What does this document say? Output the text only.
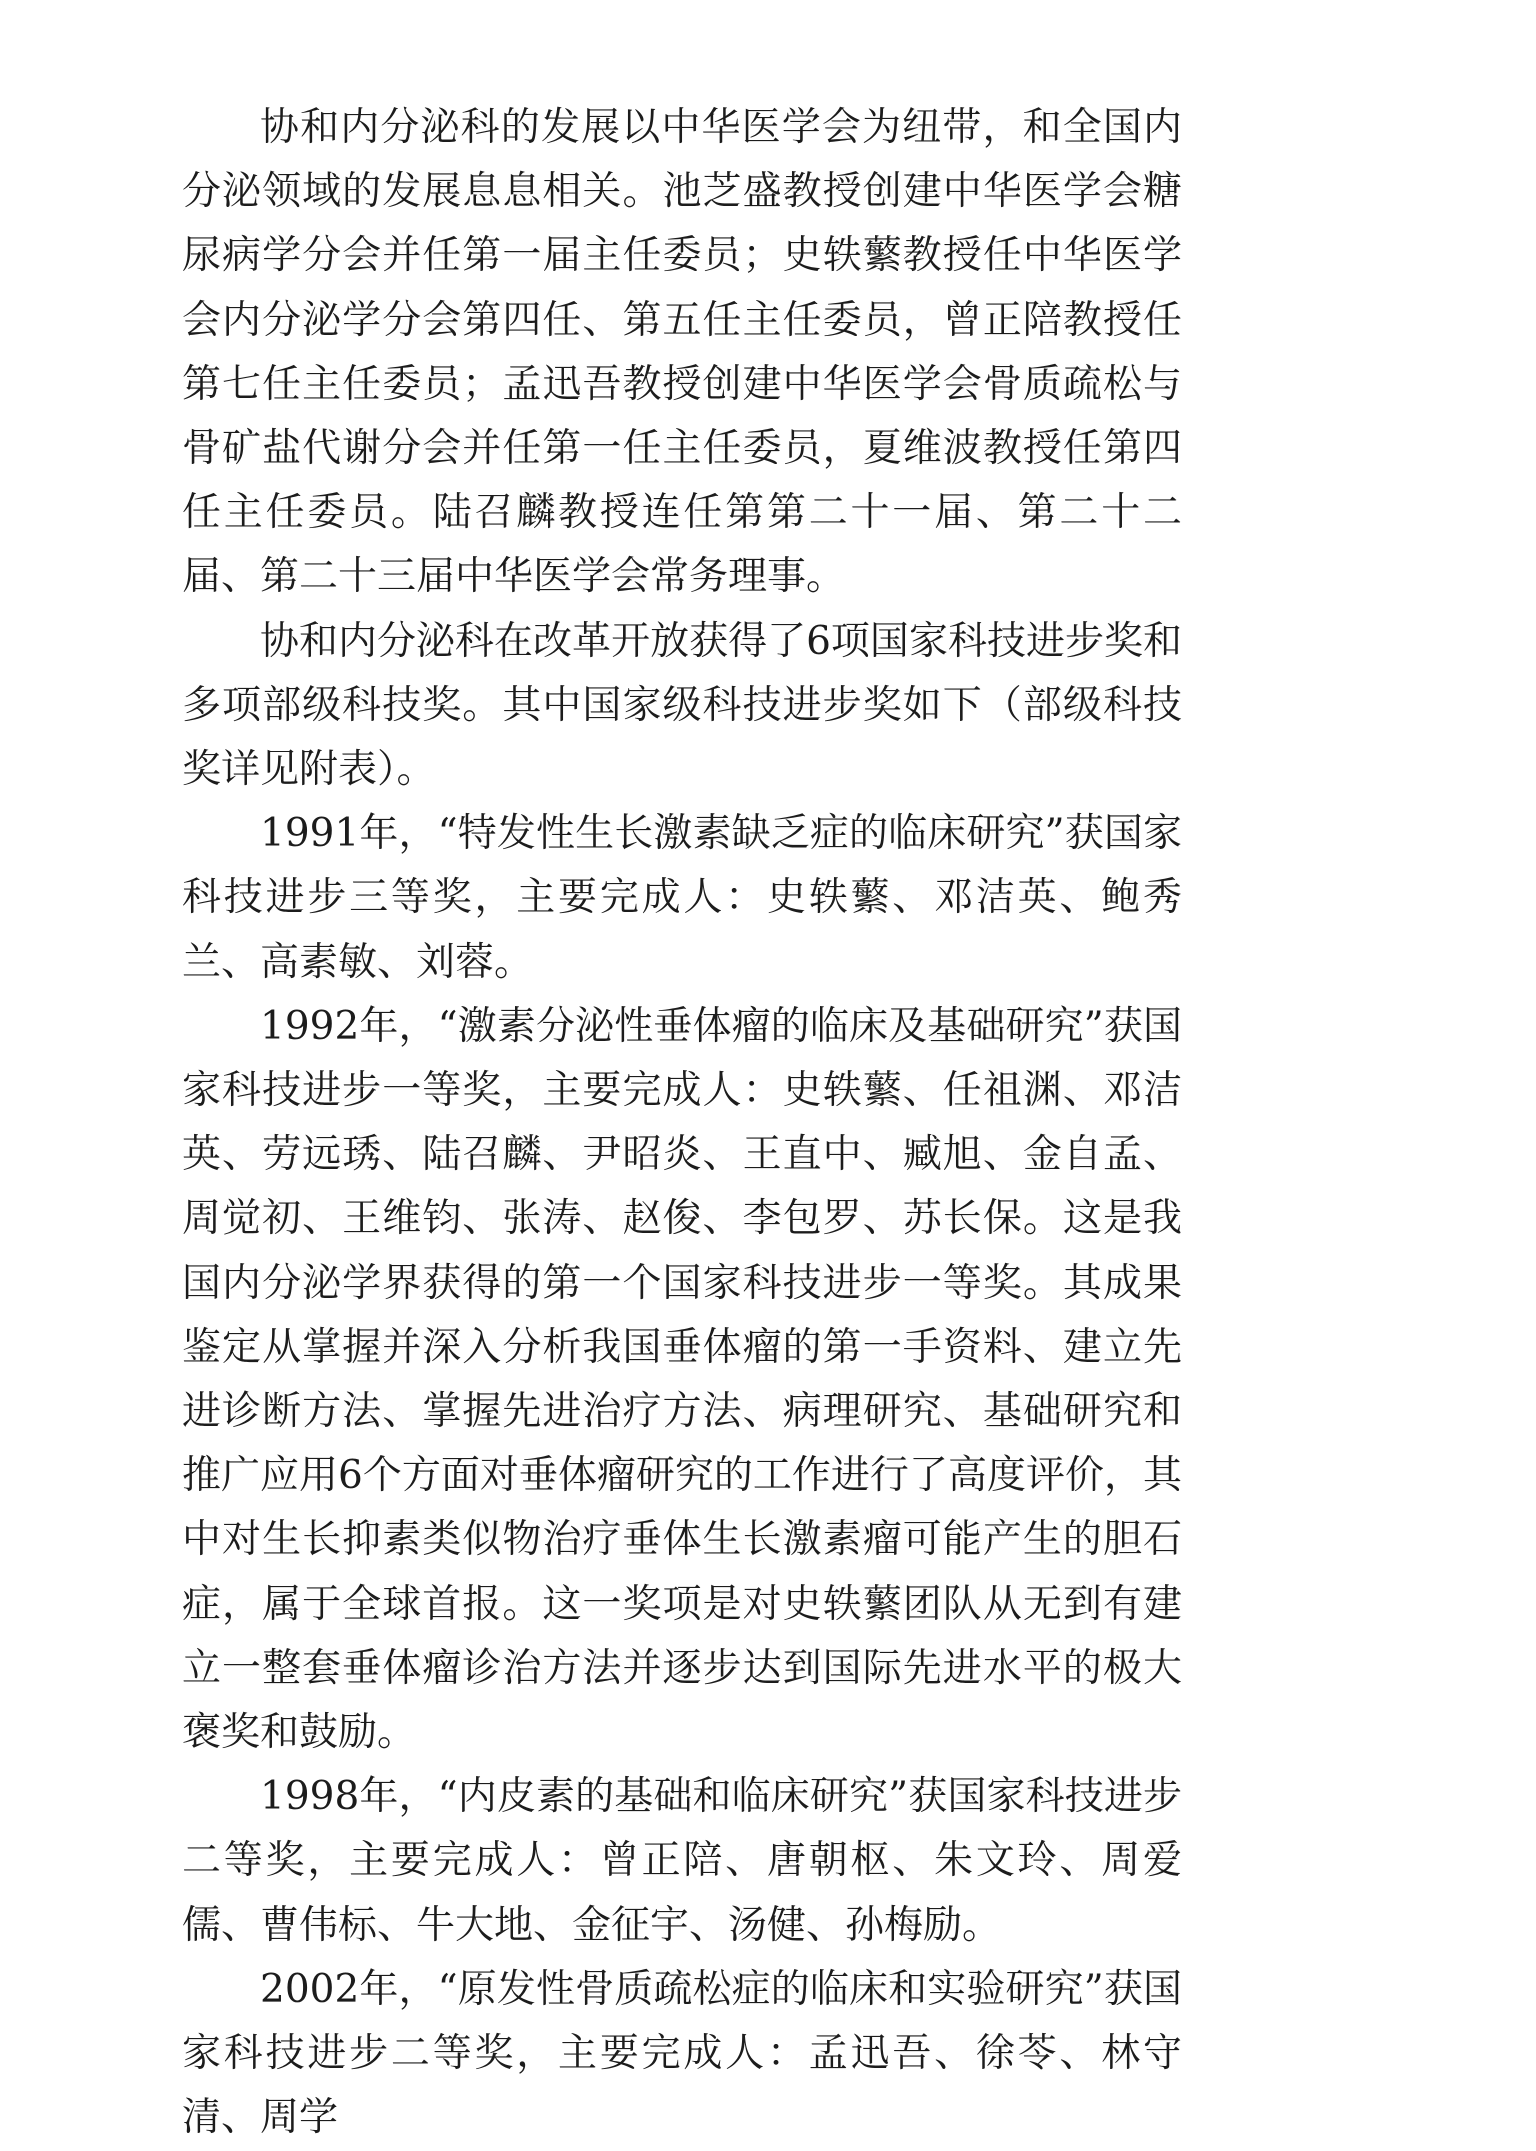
协和内分泌科的发展以中华医学会为纽带，和全国内分泌领域的发展息息相关。池芝盛教授创建中华医学会糖尿病学分会并任第一届主任委员；史轶蘩教授任中华医学会内分泌学分会第四任、第五任主任委员，曾正陪教授任第七任主任委员；孟迅吾教授创建中华医学会骨质疏松与骨矿盐代谢分会并任第一任主任委员，夏维波教授任第四任主任委员。陆召麟教授连任第第二十一届、第二十二届、第二十三届中华医学会常务理事。

协和内分泌科在改革开放获得了6项国家科技进步奖和多项部级科技奖。其中国家级科技进步奖如下（部级科技奖详见附表）。

1991年，“特发性生长激素缺乏症的临床研究”获国家科技进步三等奖，主要完成人：史轶蘩、邓洁英、鲍秀兰、高素敏、刘蓉。

1992年，“激素分泌性垂体瘤的临床及基础研究”获国家科技进步一等奖，主要完成人：史轶蘩、任祖渊、邓洁英、劳远琇、陆召麟、尹昭炎、王直中、臧旭、金自孟、周觉初、王维钧、张涛、赵俊、李包罗、苏长保。这是我国内分泌学界获得的第一个国家科技进步一等奖。其成果鉴定从掌握并深入分析我国垂体瘤的第一手资料、建立先进诊断方法、掌握先进治疗方法、病理研究、基础研究和推广应用6个方面对垂体瘤研究的工作进行了高度评价，其中对生长抑素类似物治疗垂体生长激素瘤可能产生的胆石症，属于全球首报。这一奖项是对史轶蘩团队从无到有建立一整套垂体瘤诊治方法并逐步达到国际先进水平的极大褒奖和鼓励。

1998年，“内皮素的基础和临床研究”获国家科技进步二等奖，主要完成人：曾正陪、唐朝枢、朱文玲、周爱儒、曹伟标、牛大地、金征宇、汤健、孙梅励。

2002年，“原发性骨质疏松症的临床和实验研究”获国家科技进步二等奖，主要完成人：孟迅吾、徐苓、林守清、周学
